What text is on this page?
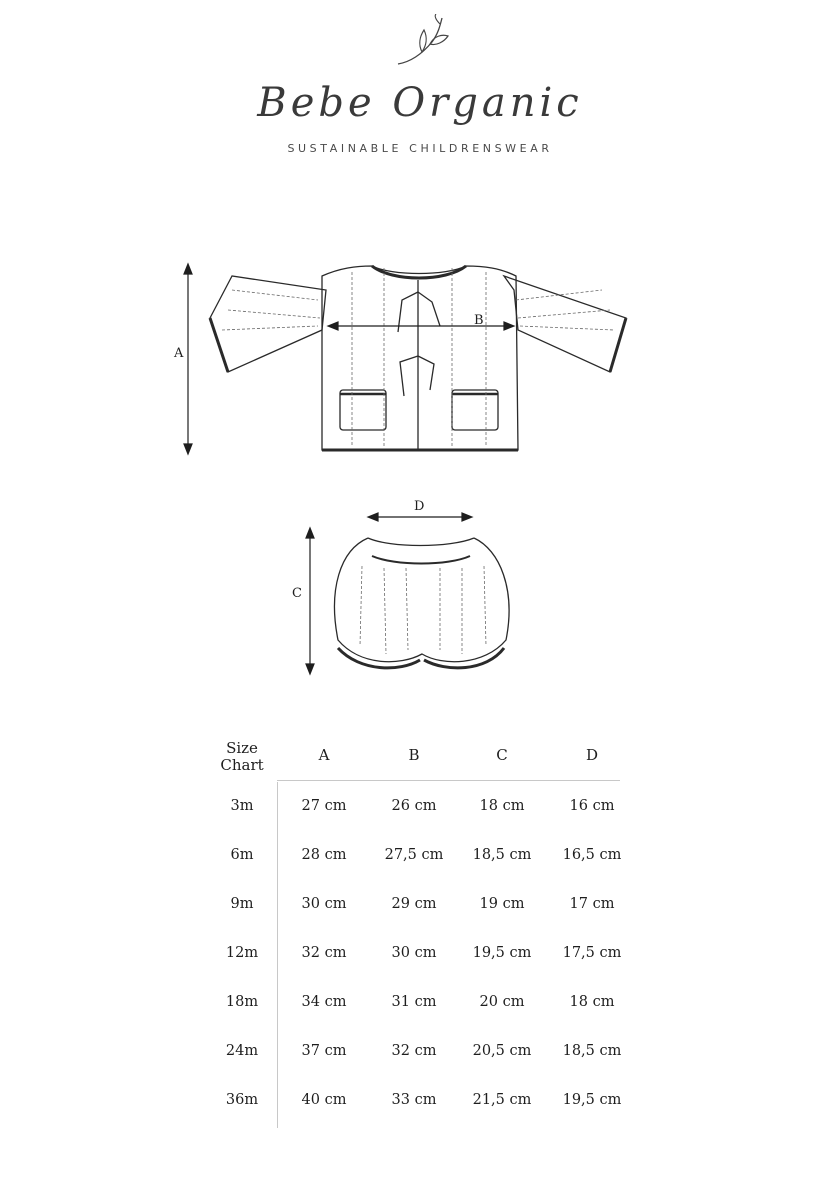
Bebe Organic
SUSTAINABLE CHILDRENSWEAR
A
B
C
D
Size
Chart
A	B	C	D
3m	27 cm	26 cm	18 cm	16 cm
6m	28 cm	27,5 cm	18,5 cm	16,5 cm
9m	30 cm	29 cm	19 cm	17 cm
12m	32 cm	30 cm	19,5 cm	17,5 cm
18m	34 cm	31 cm	20 cm	18 cm
24m	37 cm	32 cm	20,5 cm	18,5 cm
36m	40 cm	33 cm	21,5 cm	19,5 cm
